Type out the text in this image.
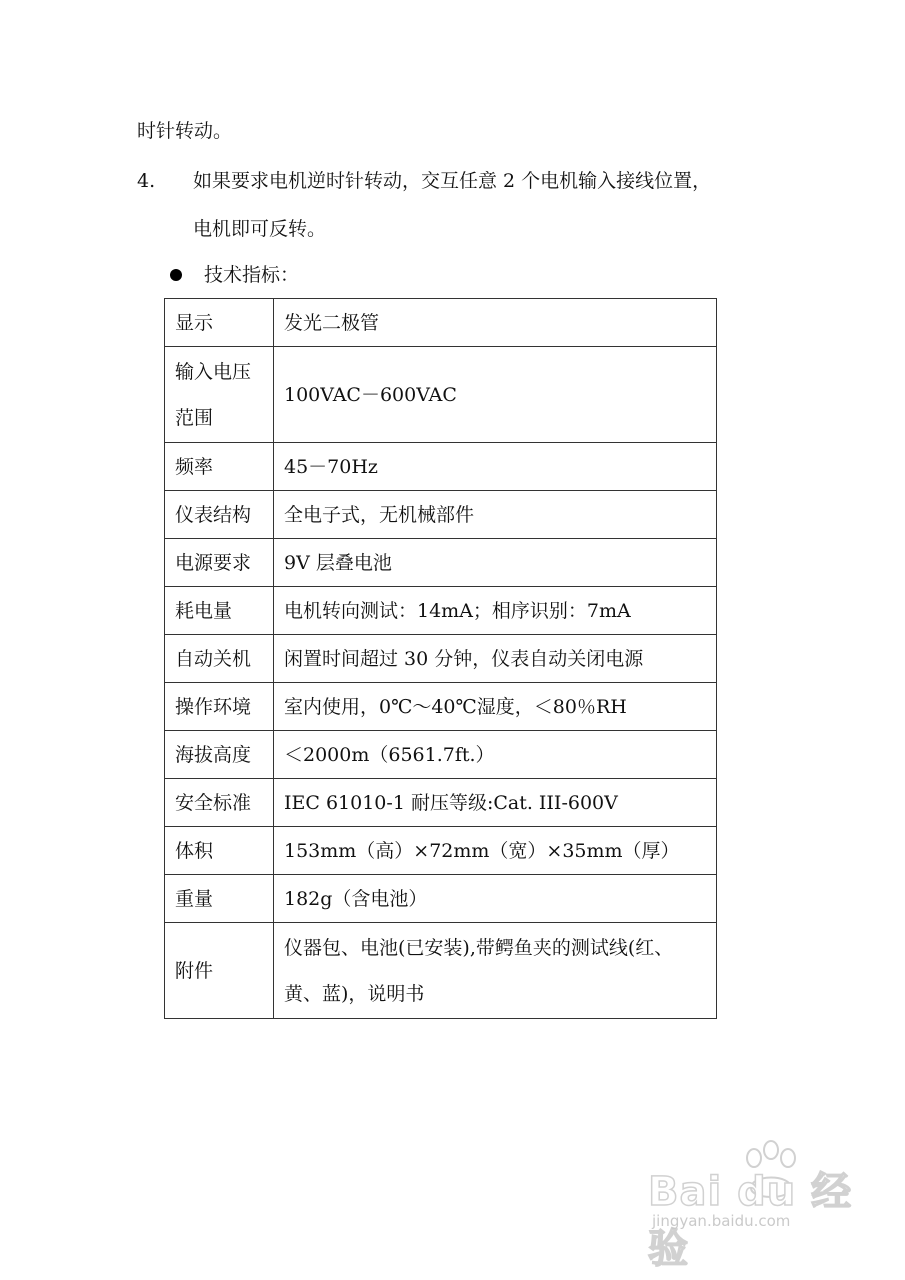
时针转动。
4. 如果要求电机逆时针转动，交互任意 2 个电机输入接线位置，
电机即可反转。
技术指标：
显示	发光二极管
输入电压范围	100VAC－600VAC
频率	45－70Hz
仪表结构	全电子式，无机械部件
电源要求	9V 层叠电池
耗电量	电机转向测试：14mA；相序识别：7mA
自动关机	闲置时间超过 30 分钟，仪表自动关闭电源
操作环境	室内使用，0℃～40℃湿度，＜80％RH
海拔高度	＜2000m（6561.7ft.）
安全标准	IEC 61010-1 耐压等级:Cat. III-600V
体积	153mm（高）×72mm（宽）×35mm（厚）
重量	182g（含电池）
附件	仪器包、电池(已安装),带鳄鱼夹的测试线(红、黄、蓝)，说明书
Bai du 经验
jingyan.baidu.com
